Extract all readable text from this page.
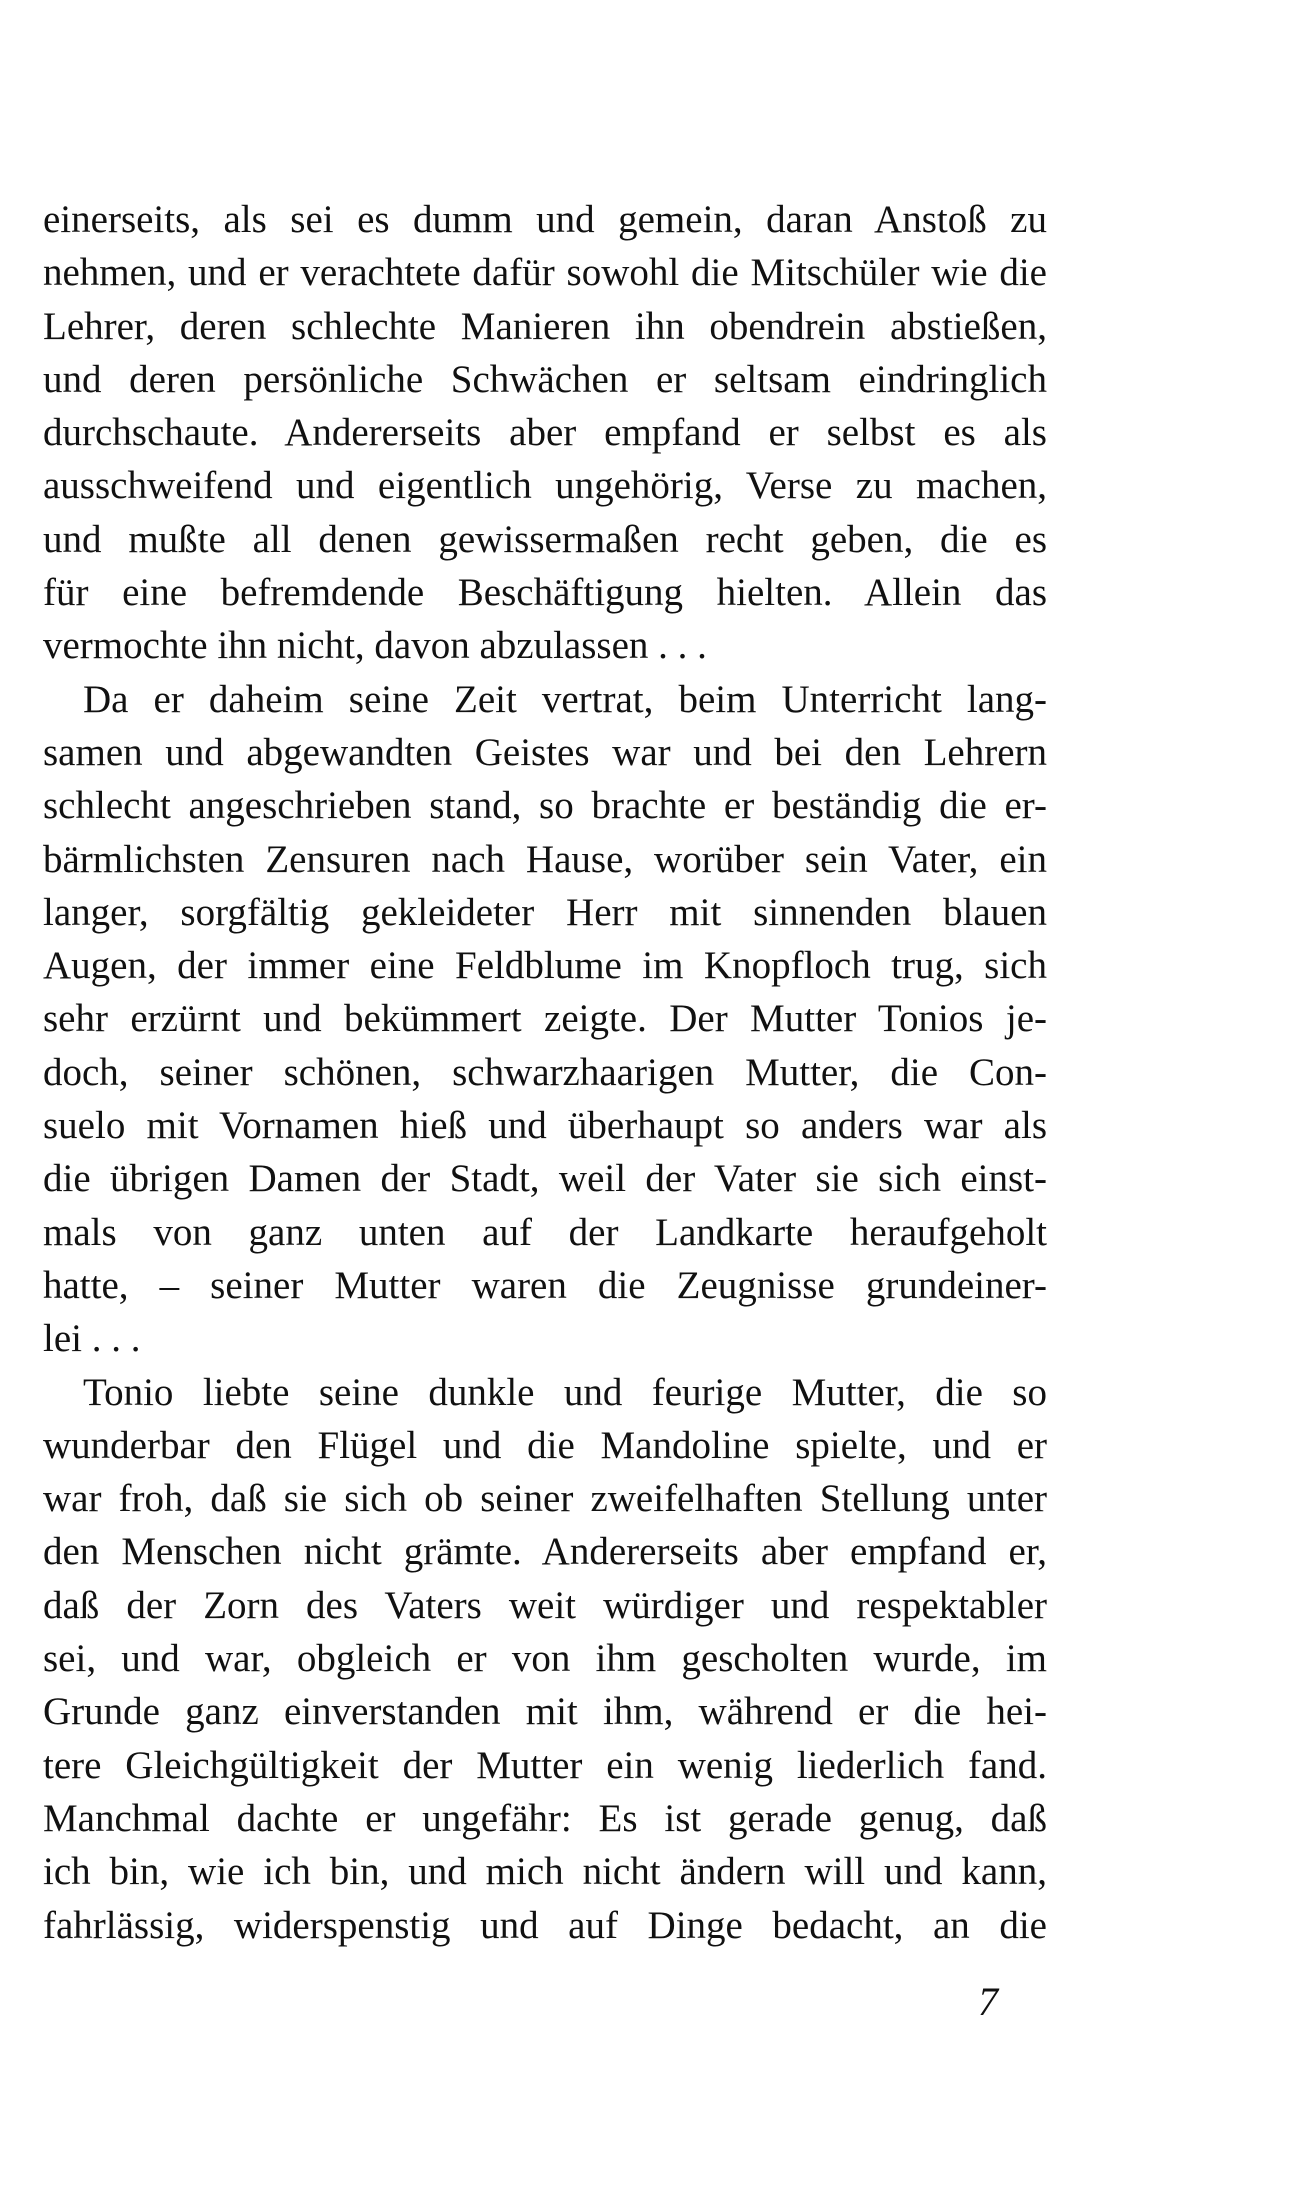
einerseits, als sei es dumm und gemein, daran Anstoß zu
nehmen, und er verachtete dafür sowohl die Mitschüler wie die
Lehrer, deren schlechte Manieren ihn obendrein abstießen,
und deren persönliche Schwächen er seltsam eindringlich
durchschaute. Andererseits aber empfand er selbst es als
ausschweifend und eigentlich ungehörig, Verse zu machen,
und mußte all denen gewissermaßen recht geben, die es
für eine befremdende Beschäftigung hielten. Allein das
vermochte ihn nicht, davon abzulassen . . .
Da er daheim seine Zeit vertrat, beim Unterricht lang-
samen und abgewandten Geistes war und bei den Lehrern
schlecht angeschrieben stand, so brachte er beständig die er-
bärmlichsten Zensuren nach Hause, worüber sein Vater, ein
langer, sorgfältig gekleideter Herr mit sinnenden blauen
Augen, der immer eine Feldblume im Knopfloch trug, sich
sehr erzürnt und bekümmert zeigte. Der Mutter Tonios je-
doch, seiner schönen, schwarzhaarigen Mutter, die Con-
suelo mit Vornamen hieß und überhaupt so anders war als
die übrigen Damen der Stadt, weil der Vater sie sich einst-
mals von ganz unten auf der Landkarte heraufgeholt
hatte, – seiner Mutter waren die Zeugnisse grundeiner-
lei . . .
Tonio liebte seine dunkle und feurige Mutter, die so
wunderbar den Flügel und die Mandoline spielte, und er
war froh, daß sie sich ob seiner zweifelhaften Stellung unter
den Menschen nicht grämte. Andererseits aber empfand er,
daß der Zorn des Vaters weit würdiger und respektabler
sei, und war, obgleich er von ihm gescholten wurde, im
Grunde ganz einverstanden mit ihm, während er die hei-
tere Gleichgültigkeit der Mutter ein wenig liederlich fand.
Manchmal dachte er ungefähr: Es ist gerade genug, daß
ich bin, wie ich bin, und mich nicht ändern will und kann,
fahrlässig, widerspenstig und auf Dinge bedacht, an die
7
